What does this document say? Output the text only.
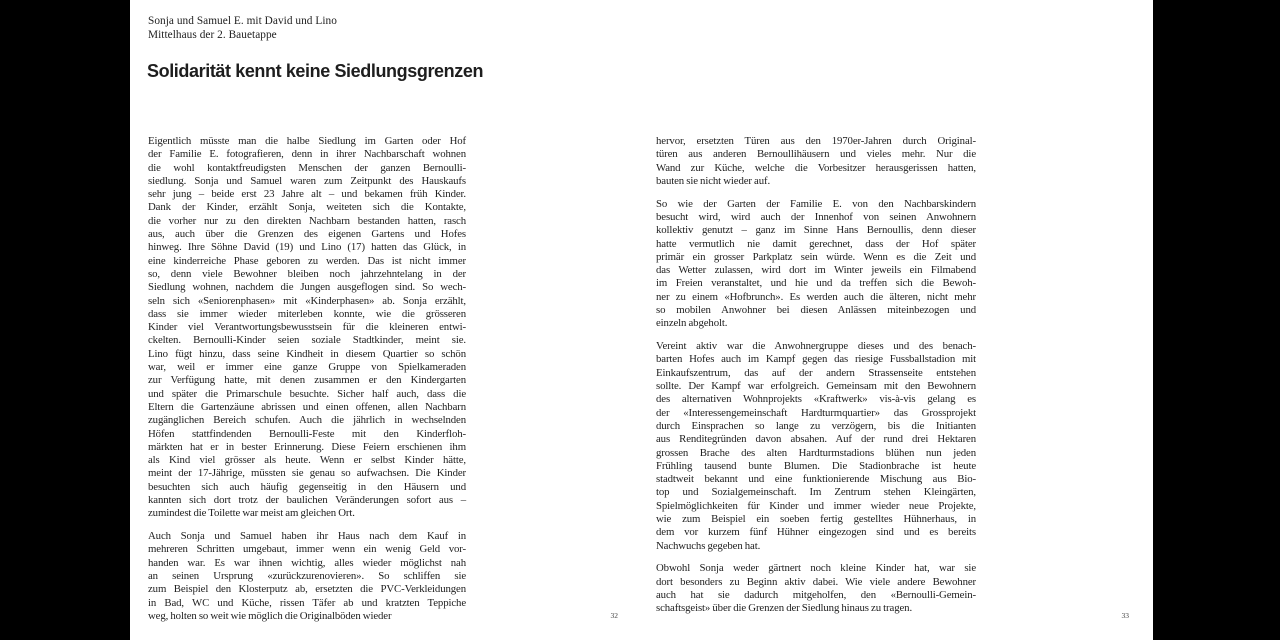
Sonja und Samuel E. mit David und Lino
Mittelhaus der 2. Bauetappe
Solidarität kennt keine Siedlungsgrenzen
Eigentlich müsste man die halbe Siedlung im Garten oder Hof
der Familie E. fotografieren, denn in ihrer Nachbarschaft wohnen
die wohl kontaktfreudigsten Menschen der ganzen Bernoulli-
siedlung. Sonja und Samuel waren zum Zeitpunkt des Hauskaufs
sehr jung – beide erst 23 Jahre alt – und bekamen früh Kinder.
Dank der Kinder, erzählt Sonja, weiteten sich die Kontakte,
die vorher nur zu den direkten Nachbarn bestanden hatten, rasch
aus, auch über die Grenzen des eigenen Gartens und Hofes
hinweg. Ihre Söhne David (19) und Lino (17) hatten das Glück, in
eine kinderreiche Phase geboren zu werden. Das ist nicht immer
so, denn viele Bewohner bleiben noch jahrzehntelang in der
Siedlung wohnen, nachdem die Jungen ausgeflogen sind. So wech-
seln sich «Seniorenphasen» mit «Kinderphasen» ab. Sonja erzählt,
dass sie immer wieder miterleben konnte, wie die grösseren
Kinder viel Verantwortungsbewusstsein für die kleineren entwi-
ckelten. Bernoulli-Kinder seien soziale Stadtkinder, meint sie.
Lino fügt hinzu, dass seine Kindheit in diesem Quartier so schön
war, weil er immer eine ganze Gruppe von Spielkameraden
zur Verfügung hatte, mit denen zusammen er den Kindergarten
und später die Primarschule besuchte. Sicher half auch, dass die
Eltern die Gartenzäune abrissen und einen offenen, allen Nachbarn
zugänglichen Bereich schufen. Auch die jährlich in wechselnden
Höfen stattfindenden Bernoulli-Feste mit den Kinderfloh-
märkten hat er in bester Erinnerung. Diese Feiern erschienen ihm
als Kind viel grösser als heute. Wenn er selbst Kinder hätte,
meint der 17-Jährige, müssten sie genau so aufwachsen. Die Kinder
besuchten sich auch häufig gegenseitig in den Häusern und
kannten sich dort trotz der baulichen Veränderungen sofort aus –
zumindest die Toilette war meist am gleichen Ort.
Auch Sonja und Samuel haben ihr Haus nach dem Kauf in
mehreren Schritten umgebaut, immer wenn ein wenig Geld vor-
handen war. Es war ihnen wichtig, alles wieder möglichst nah
an seinen Ursprung «zurückzurenovieren». So schliffen sie
zum Beispiel den Klosterputz ab, ersetzten die PVC-Verkleidungen
in Bad, WC und Küche, rissen Täfer ab und kratzten Teppiche
weg, holten so weit wie möglich die Originalböden wieder
hervor, ersetzten Türen aus den 1970er-Jahren durch Original-
türen aus anderen Bernoullihäusern und vieles mehr. Nur die
Wand zur Küche, welche die Vorbesitzer herausgerissen hatten,
bauten sie nicht wieder auf.
So wie der Garten der Familie E. von den Nachbarskindern
besucht wird, wird auch der Innenhof von seinen Anwohnern
kollektiv genutzt – ganz im Sinne Hans Bernoullis, denn dieser
hatte vermutlich nie damit gerechnet, dass der Hof später
primär ein grosser Parkplatz sein würde. Wenn es die Zeit und
das Wetter zulassen, wird dort im Winter jeweils ein Filmabend
im Freien veranstaltet, und hie und da treffen sich die Bewoh-
ner zu einem «Hofbrunch». Es werden auch die älteren, nicht mehr
so mobilen Anwohner bei diesen Anlässen miteinbezogen und
einzeln abgeholt.
Vereint aktiv war die Anwohnergruppe dieses und des benach-
barten Hofes auch im Kampf gegen das riesige Fussballstadion mit
Einkaufszentrum, das auf der andern Strassenseite entstehen
sollte. Der Kampf war erfolgreich. Gemeinsam mit den Bewohnern
des alternativen Wohnprojekts «Kraftwerk» vis-à-vis gelang es
der «Interessengemeinschaft Hardturmquartier» das Grossprojekt
durch Einsprachen so lange zu verzögern, bis die Initianten
aus Renditegründen davon absahen. Auf der rund drei Hektaren
grossen Brache des alten Hardturmstadions blühen nun jeden
Frühling tausend bunte Blumen. Die Stadionbrache ist heute
stadtweit bekannt und eine funktionierende Mischung aus Bio-
top und Sozialgemeinschaft. Im Zentrum stehen Kleingärten,
Spielmöglichkeiten für Kinder und immer wieder neue Projekte,
wie zum Beispiel ein soeben fertig gestelltes Hühnerhaus, in
dem vor kurzem fünf Hühner eingezogen sind und es bereits
Nachwuchs gegeben hat.
Obwohl Sonja weder gärtnert noch kleine Kinder hat, war sie
dort besonders zu Beginn aktiv dabei. Wie viele andere Bewohner
auch hat sie dadurch mitgeholfen, den «Bernoulli-Gemein-
schaftsgeist» über die Grenzen der Siedlung hinaus zu tragen.
32	33
